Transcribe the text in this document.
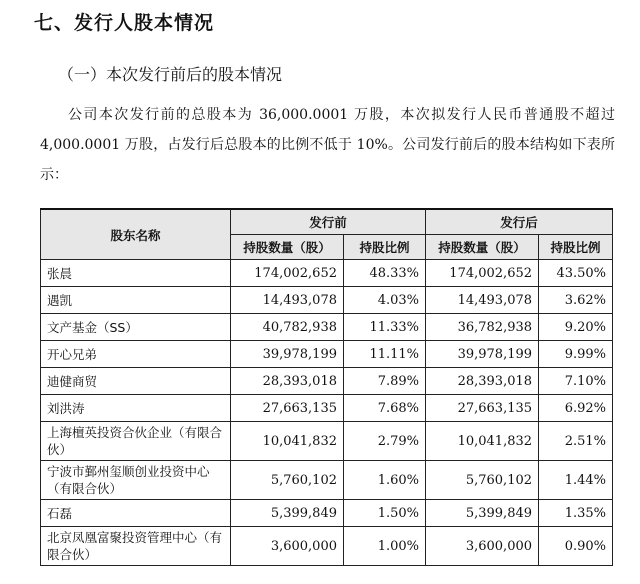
七、发行人股本情况
（一）本次发行前后的股本情况
公司本次发行前的总股本为 36,000.0001 万股，本次拟发行人民币普通股不超过 4,000.0001 万股，占发行后总股本的比例不低于 10%。公司发行前后的股本结构如下表所示：
股东名称	发行前		发行后	
	持股数量（股）	持股比例	持股数量（股）	持股比例
张晨	174,002,652	48.33%	174,002,652	43.50%
遇凯	14,493,078	4.03%	14,493,078	3.62%
文产基金（SS）	40,782,938	11.33%	36,782,938	9.20%
开心兄弟	39,978,199	11.11%	39,978,199	9.99%
迪健商贸	28,393,018	7.89%	28,393,018	7.10%
刘洪涛	27,663,135	7.68%	27,663,135	6.92%
上海檀英投资合伙企业（有限合伙）	10,041,832	2.79%	10,041,832	2.51%
宁波市鄞州玺顺创业投资中心（有限合伙）	5,760,102	1.60%	5,760,102	1.44%
石磊	5,399,849	1.50%	5,399,849	1.35%
北京凤凰富聚投资管理中心（有限合伙）	3,600,000	1.00%	3,600,000	0.90%
